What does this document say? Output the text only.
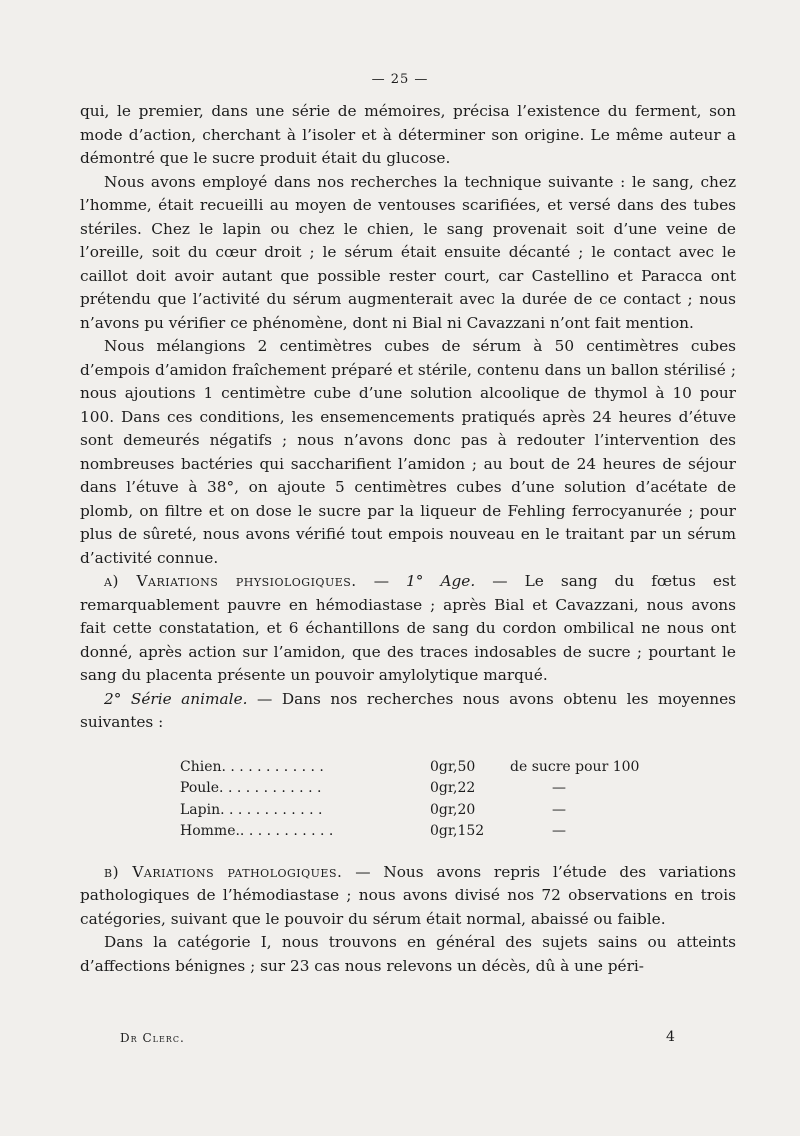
— 25 —

qui, le premier, dans une série de mémoires, précisa l’existence du ferment, son mode d’action, cherchant à l’isoler et à déterminer son origine. Le même auteur a démontré que le sucre produit était du glucose.

Nous avons employé dans nos recherches la technique suivante : le sang, chez l’homme, était recueilli au moyen de ventouses scarifiées, et versé dans des tubes stériles. Chez le lapin ou chez le chien, le sang provenait soit d’une veine de l’oreille, soit du cœur droit ; le sérum était ensuite décanté ; le contact avec le caillot doit avoir autant que possible rester court, car Castellino et Paracca ont prétendu que l’activité du sérum augmenterait avec la durée de ce contact ; nous n’avons pu vérifier ce phénomène, dont ni Bial ni Cavazzani n’ont fait mention.

Nous mélangions 2 centimètres cubes de sérum à 50 centimètres cubes d’empois d’amidon fraîchement préparé et stérile, contenu dans un ballon stérilisé ; nous ajoutions 1 centimètre cube d’une solution alcoolique de thymol à 10 pour 100. Dans ces conditions, les ensemencements pratiqués après 24 heures d’étuve sont demeurés négatifs ; nous n’avons donc pas à redouter l’intervention des nombreuses bactéries qui saccharifient l’amidon ; au bout de 24 heures de séjour dans l’étuve à 38°, on ajoute 5 centimètres cubes d’une solution d’acétate de plomb, on filtre et on dose le sucre par la liqueur de Fehling ferrocyanurée ; pour plus de sûreté, nous avons vérifié tout empois nouveau en le traitant par un sérum d’activité connue.

a) Variations physiologiques. — 1° Age. — Le sang du fœtus est remarquablement pauvre en hémodiastase ; après Bial et Cavazzani, nous avons fait cette constatation, et 6 échantillons de sang du cordon ombilical ne nous ont donné, après action sur l’amidon, que des traces indosables de sucre ; pourtant le sang du placenta présente un pouvoir amylolytique marqué.

2° Série animale. — Dans nos recherches nous avons obtenu les moyennes suivantes :

Chien. . . . . . . . . . . .	0gr,50	de sucre pour 100
Poule. . . . . . . . . . . .	0gr,22	—
Lapin. . . . . . . . . . . .	0gr,20	—
Homme.. . . . . . . . . . .	0gr,152	—

b) Variations pathologiques. — Nous avons repris l’étude des variations pathologiques de l’hémodiastase ; nous avons divisé nos 72 observations en trois catégories, suivant que le pouvoir du sérum était normal, abaissé ou faible.

Dans la catégorie I, nous trouvons en général des sujets sains ou atteints d’affections bénignes ; sur 23 cas nous relevons un décès, dû à une péri-

Dr Clerc.	4
